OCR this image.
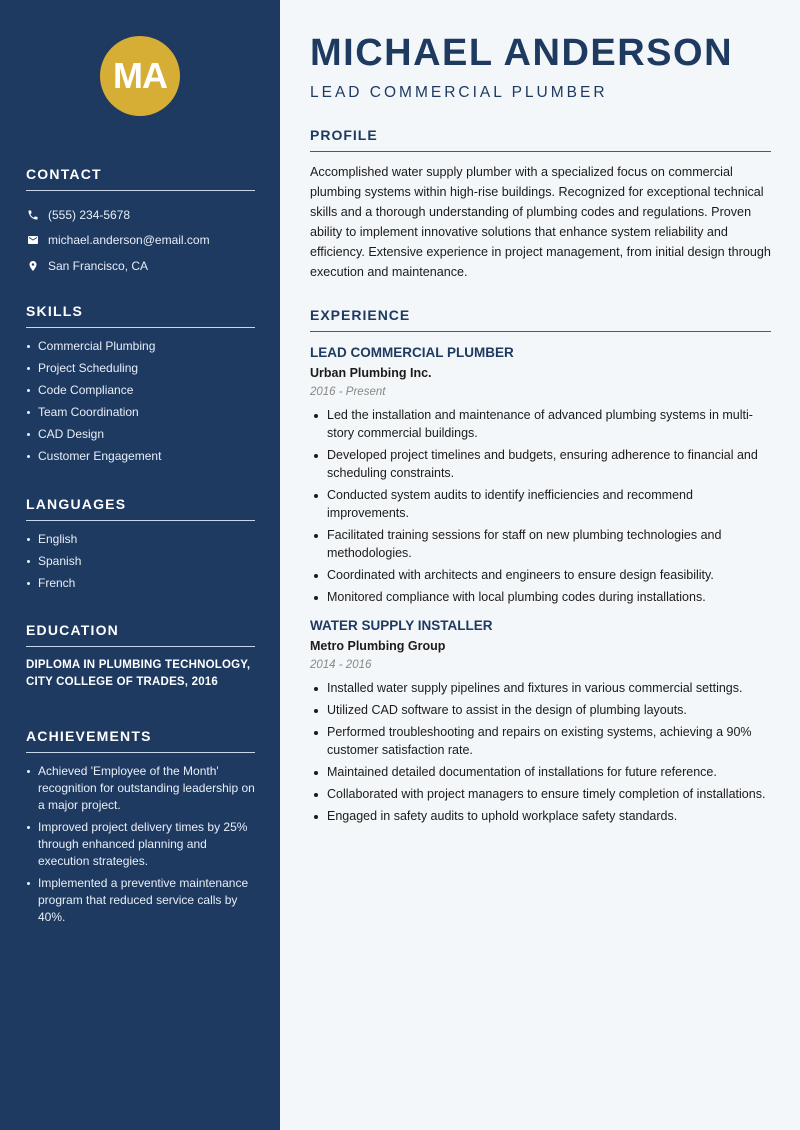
MA
CONTACT
(555) 234-5678
michael.anderson@email.com
San Francisco, CA
SKILLS
Commercial Plumbing
Project Scheduling
Code Compliance
Team Coordination
CAD Design
Customer Engagement
LANGUAGES
English
Spanish
French
EDUCATION

DIPLOMA IN PLUMBING TECHNOLOGY, CITY COLLEGE OF TRADES, 2016

ACHIEVEMENTS
Achieved 'Employee of the Month' recognition for outstanding leadership on a major project.
Improved project delivery times by 25% through enhanced planning and execution strategies.
Implemented a preventive maintenance program that reduced service calls by 40%.
MICHAEL ANDERSON
LEAD COMMERCIAL PLUMBER
PROFILE

Accomplished water supply plumber with a specialized focus on commercial plumbing systems within high-rise buildings. Recognized for exceptional technical skills and a thorough understanding of plumbing codes and regulations. Proven ability to implement innovative solutions that enhance system reliability and efficiency. Extensive experience in project management, from initial design through execution and maintenance.

EXPERIENCE
LEAD COMMERCIAL PLUMBER
Urban Plumbing Inc.
2016 - Present
Led the installation and maintenance of advanced plumbing systems in multi-story commercial buildings.
Developed project timelines and budgets, ensuring adherence to financial and scheduling constraints.
Conducted system audits to identify inefficiencies and recommend improvements.
Facilitated training sessions for staff on new plumbing technologies and methodologies.
Coordinated with architects and engineers to ensure design feasibility.
Monitored compliance with local plumbing codes during installations.
WATER SUPPLY INSTALLER
Metro Plumbing Group
2014 - 2016
Installed water supply pipelines and fixtures in various commercial settings.
Utilized CAD software to assist in the design of plumbing layouts.
Performed troubleshooting and repairs on existing systems, achieving a 90% customer satisfaction rate.
Maintained detailed documentation of installations for future reference.
Collaborated with project managers to ensure timely completion of installations.
Engaged in safety audits to uphold workplace safety standards.
